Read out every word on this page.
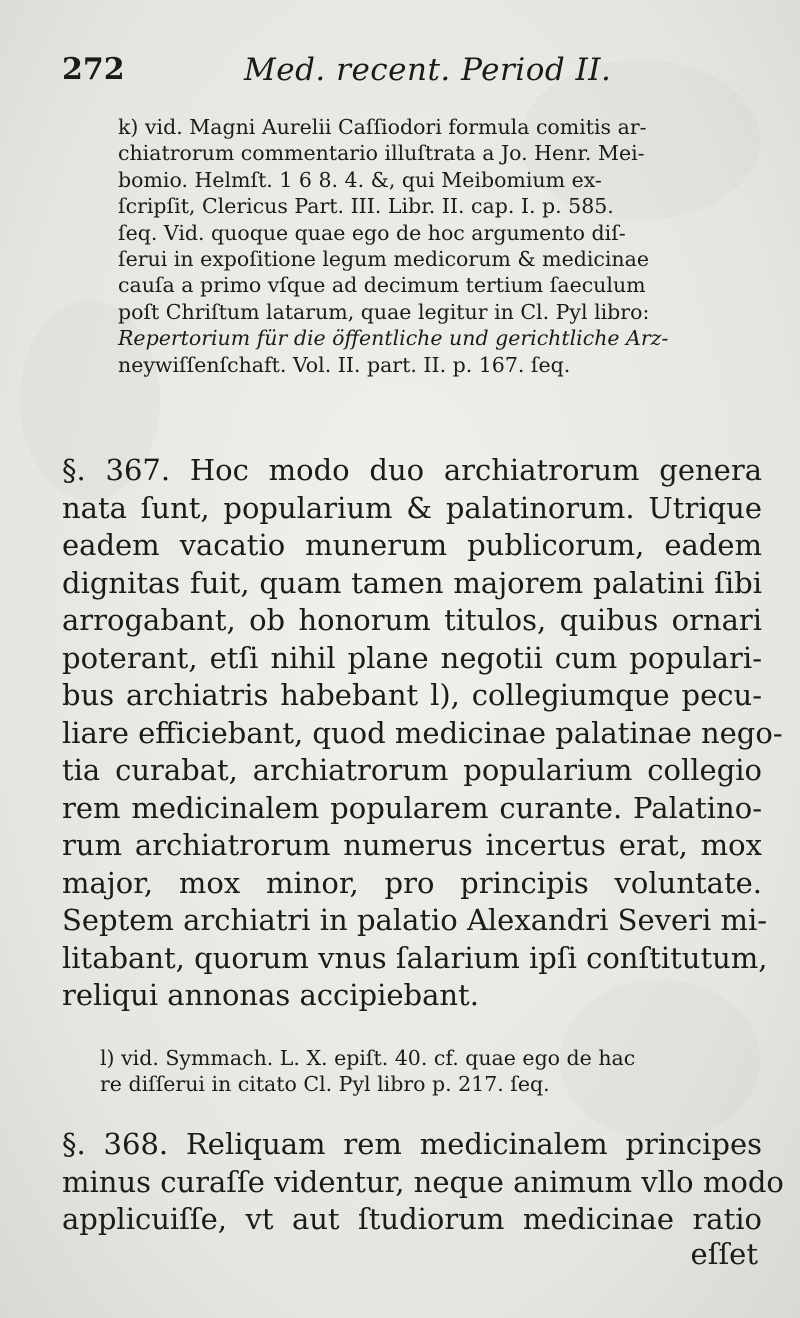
272	Med. recent. Period II.
k) vid. Magni Aurelii Caſſiodori formula comitis ar-
chiatrorum commentario illuſtrata a Jo. Henr. Mei-
bomio. Helmſt. 1 6 8. 4. &, qui Meibomium ex-
ſcripſit, Clericus Part. III. Libr. II. cap. I. p. 585.
ſeq. Vid. quoque quae ego de hoc argumento diſ-
ſerui in expoſitione legum medicorum & medicinae
cauſa a primo vſque ad decimum tertium ſaeculum
poſt Chriſtum latarum, quae legitur in Cl. Pyl libro:
Repertorium für die öffentliche und gerichtliche Arz-
neywiſſenſchaft. Vol. II. part. II. p. 167. ſeq.
§. 367. Hoc modo duo archiatrorum genera
nata ſunt, popularium & palatinorum. Utrique
eadem vacatio munerum publicorum, eadem
dignitas fuit, quam tamen majorem palatini ſibi
arrogabant, ob honorum titulos, quibus ornari
poterant, etſi nihil plane negotii cum populari-
bus archiatris habebant l), collegiumque pecu-
liare efficiebant, quod medicinae palatinae nego-
tia curabat, archiatrorum popularium collegio
rem medicinalem popularem curante. Palatino-
rum archiatrorum numerus incertus erat, mox
major, mox minor, pro principis voluntate.
Septem archiatri in palatio Alexandri Severi mi-
litabant, quorum vnus ſalarium ipſi conſtitutum,
reliqui annonas accipiebant.
l) vid. Symmach. L. X. epiſt. 40. cf. quae ego de hac
re diſſerui in citato Cl. Pyl libro p. 217. ſeq.
§. 368. Reliquam rem medicinalem principes
minus curaſſe videntur, neque animum vllo modo
applicuiſſe, vt aut ſtudiorum medicinae ratio
eſſet
